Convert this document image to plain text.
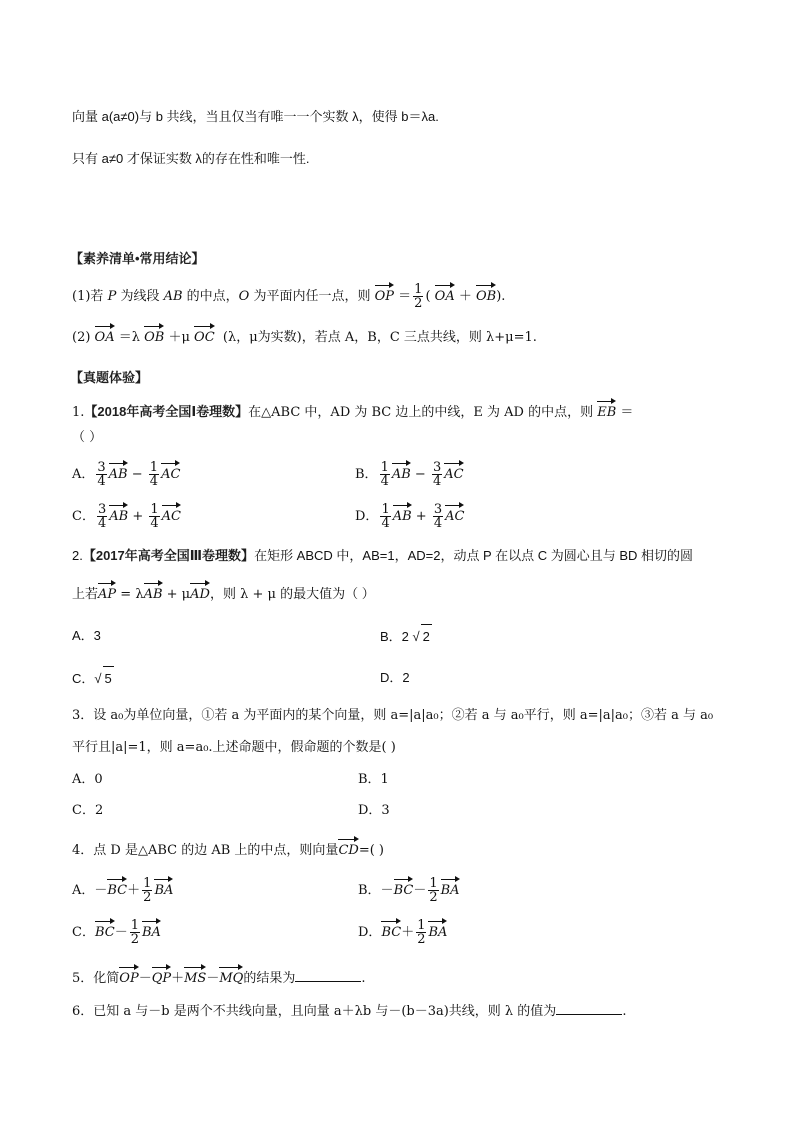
向量 a(a≠0)与 b 共线，当且仅当有唯一一个实数 λ，使得 b＝λa.
只有 a≠0 才保证实数 λ的存在性和唯一性.
【素养清单•常用结论】
(1)若 P 为线段 AB 的中点，O 为平面内任一点，则
OP ＝ $\frac{1}{2}$ (
OA ＋
OB).
(2)
OA ＝λ
OB ＋μ
OC (λ，μ为实数)，若点 A，B，C 三点共线，则 λ+μ=1.
【真题体验】
1.【2018年高考全国Ⅰ卷理数】在△ABC 中，AD 为 BC 边上的中线，E 为 AD 的中点，则 EB ＝
（ ）
A． $\frac{3}{4}$ AB − $\frac{1}{4}$ AC	B． $\frac{1}{4}$ AB − $\frac{3}{4}$ AC
C． $\frac{3}{4}$ AB + $\frac{1}{4}$ AC	D． $\frac{1}{4}$ AB + $\frac{3}{4}$ AC
2.【2017年高考全国Ⅲ卷理数】在矩形 ABCD 中，AB=1，AD=2，动点 P 在以点 C 为圆心且与 BD 相切的圆
上若
AP = λ
AB + μ
AD，则 λ + μ 的最大值为（ ）
A．3	B．2 √ 2
C．√ 5	D．2
3．设 a₀为单位向量，①若 a 为平面内的某个向量，则 a=|a|a₀；②若 a 与 a₀平行，则 a=|a|a₀；③若 a 与 a₀
平行且|a|=1，则 a=a₀.上述命题中，假命题的个数是( )
A．0	B．1
C．2	D．3
4．点 D 是△ABC 的边 AB 上的中点，则向量
CD=( )
A．－
$BC+ \frac{1}{2}$ BA	B．－
$BC- \frac{1}{2}$ BA
C．
$BC- \frac{1}{2}$ BA	D．
$BC+ \frac{1}{2}$ BA
5．化简
OP－
QP＋
MS－
MQ的结果为	.
6．已知 a 与－b 是两个不共线向量，且向量 a＋λb 与－(b－3a)共线，则 λ 的值为	.
